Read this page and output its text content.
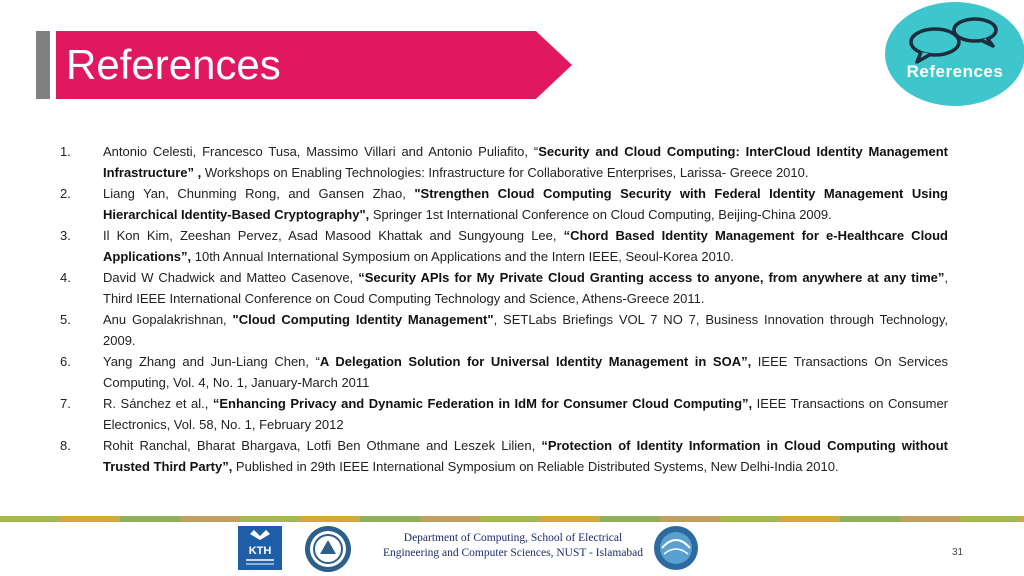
References	References
1. Antonio Celesti, Francesco Tusa, Massimo Villari and Antonio Puliafito, “Security and Cloud Computing: InterCloud Identity Management Infrastructure” , Workshops on Enabling Technologies: Infrastructure for Collaborative Enterprises, Larissa- Greece 2010.
2. Liang Yan, Chunming Rong, and Gansen Zhao, "Strengthen Cloud Computing Security with Federal Identity Management Using Hierarchical Identity-Based Cryptography", Springer 1st International Conference on Cloud Computing, Beijing-China 2009.
3. Il Kon Kim, Zeeshan Pervez, Asad Masood Khattak and Sungyoung Lee, “Chord Based Identity Management for e-Healthcare Cloud Applications”, 10th Annual International Symposium on Applications and the Intern IEEE, Seoul-Korea 2010.
4. David W Chadwick and Matteo Casenove, “Security APIs for My Private Cloud Granting access to anyone, from anywhere at any time”, Third IEEE International Conference on Coud Computing Technology and Science, Athens-Greece 2011.
5. Anu Gopalakrishnan, "Cloud Computing Identity Management", SETLabs Briefings VOL 7 NO 7, Business Innovation through Technology, 2009.
6. Yang Zhang and Jun-Liang Chen, “A Delegation Solution for Universal Identity Management in SOA”, IEEE Transactions On Services Computing, Vol. 4, No. 1, January-March 2011
7. R. Sánchez et al., “Enhancing Privacy and Dynamic Federation in IdM for Consumer Cloud Computing”, IEEE Transactions on Consumer Electronics, Vol. 58, No. 1, February 2012
8. Rohit Ranchal, Bharat Bhargava, Lotfi Ben Othmane and Leszek Lilien, “Protection of Identity Information in Cloud Computing without Trusted Third Party”, Published in 29th IEEE International Symposium on Reliable Distributed Systems, New Delhi-India 2010.
KTH
Department of Computing, School of Electrical Engineering and Computer Sciences, NUST - Islamabad	31
